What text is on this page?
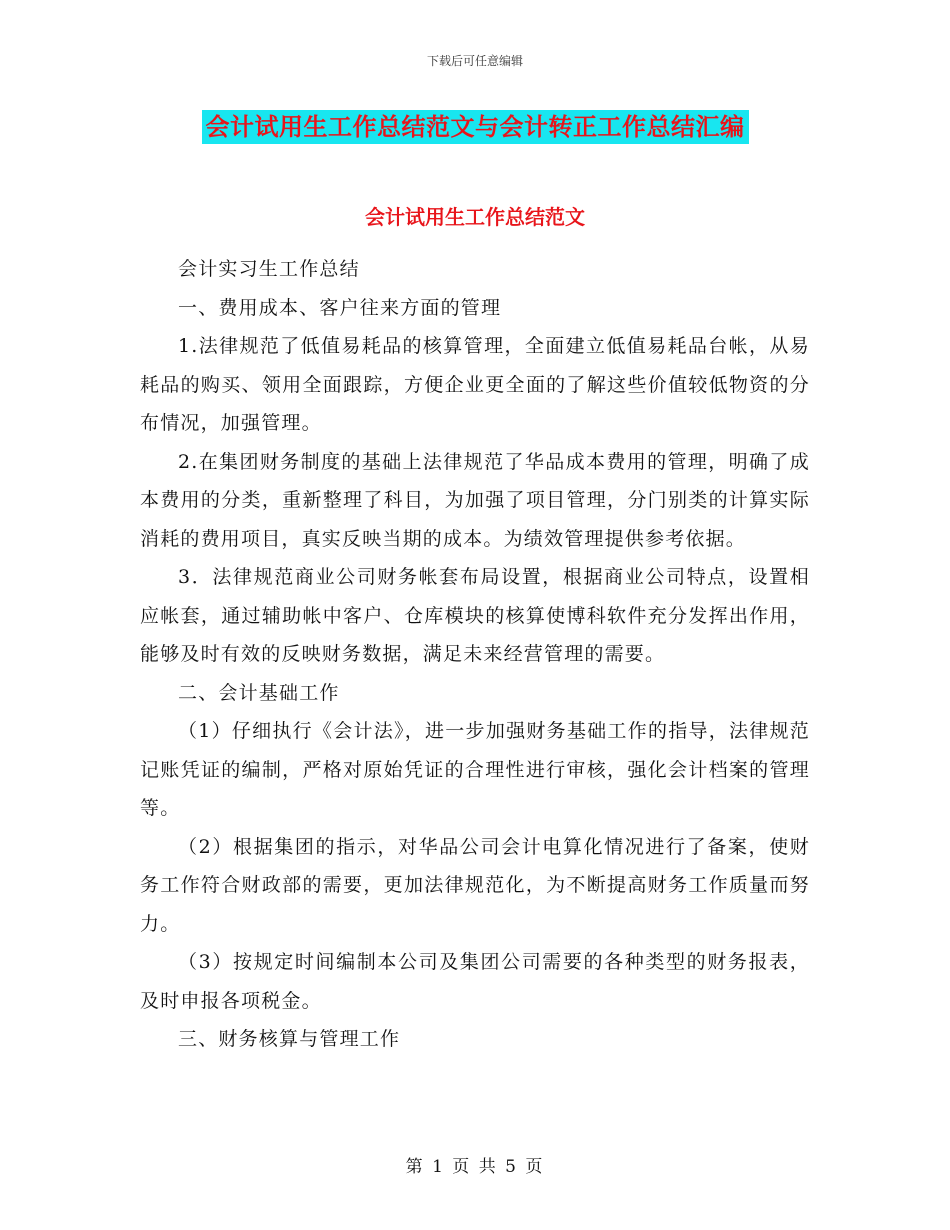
下载后可任意编辑
会计试用生工作总结范文与会计转正工作总结汇编
会计试用生工作总结范文

会计实习生工作总结

一、费用成本、客户往来方面的管理

1.法律规范了低值易耗品的核算管理，全面建立低值易耗品台帐，从易耗品的购买、领用全面跟踪，方便企业更全面的了解这些价值较低物资的分布情况，加强管理。

2.在集团财务制度的基础上法律规范了华品成本费用的管理，明确了成本费用的分类，重新整理了科目，为加强了项目管理，分门别类的计算实际消耗的费用项目，真实反映当期的成本。为绩效管理提供参考依据。

3．法律规范商业公司财务帐套布局设置，根据商业公司特点，设置相应帐套，通过辅助帐中客户、仓库模块的核算使博科软件充分发挥出作用，能够及时有效的反映财务数据，满足未来经营管理的需要。

二、会计基础工作

（1）仔细执行《会计法》，进一步加强财务基础工作的指导，法律规范记账凭证的编制，严格对原始凭证的合理性进行审核，强化会计档案的管理等。

（2）根据集团的指示，对华品公司会计电算化情况进行了备案，使财务工作符合财政部的需要，更加法律规范化，为不断提高财务工作质量而努力。

（3）按规定时间编制本公司及集团公司需要的各种类型的财务报表，及时申报各项税金。

三、财务核算与管理工作

第 1 页 共 5 页
